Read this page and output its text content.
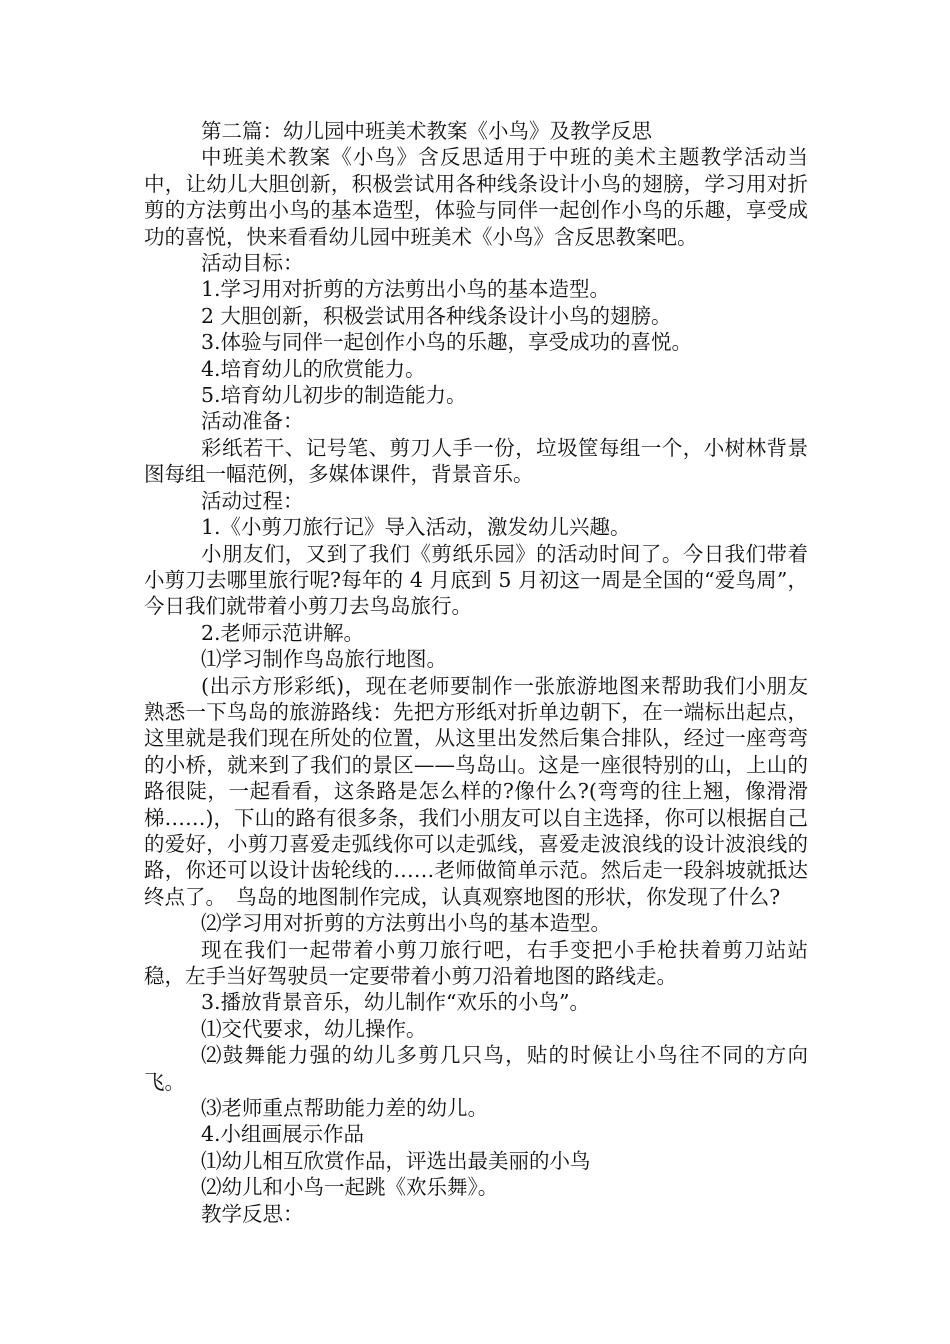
第二篇：幼儿园中班美术教案《小鸟》及教学反思

中班美术教案《小鸟》含反思适用于中班的美术主题教学活动当中，让幼儿大胆创新，积极尝试用各种线条设计小鸟的翅膀，学习用对折剪的方法剪出小鸟的基本造型，体验与同伴一起创作小鸟的乐趣，享受成功的喜悦，快来看看幼儿园中班美术《小鸟》含反思教案吧。

活动目标：

1.学习用对折剪的方法剪出小鸟的基本造型。

2 大胆创新，积极尝试用各种线条设计小鸟的翅膀。

3.体验与同伴一起创作小鸟的乐趣，享受成功的喜悦。

4.培育幼儿的欣赏能力。

5.培育幼儿初步的制造能力。

活动准备：

彩纸若干、记号笔、剪刀人手一份，垃圾筐每组一个，小树林背景图每组一幅范例，多媒体课件，背景音乐。

活动过程：

1.《小剪刀旅行记》导入活动，激发幼儿兴趣。

小朋友们，又到了我们《剪纸乐园》的活动时间了。今日我们带着小剪刀去哪里旅行呢?每年的 4 月底到 5 月初这一周是全国的“爱鸟周”，今日我们就带着小剪刀去鸟岛旅行。

2.老师示范讲解。

⑴学习制作鸟岛旅行地图。

(出示方形彩纸)，现在老师要制作一张旅游地图来帮助我们小朋友熟悉一下鸟岛的旅游路线：先把方形纸对折单边朝下，在一端标出起点，这里就是我们现在所处的位置，从这里出发然后集合排队，经过一座弯弯的小桥，就来到了我们的景区——鸟岛山。这是一座很特别的山，上山的路很陡，一起看看，这条路是怎么样的?像什么?(弯弯的往上翘，像滑滑梯……)，下山的路有很多条，我们小朋友可以自主选择，你可以根据自己的爱好，小剪刀喜爱走弧线你可以走弧线，喜爱走波浪线的设计波浪线的路，你还可以设计齿轮线的……老师做简单示范。然后走一段斜坡就抵达终点了。　鸟岛的地图制作完成，认真观察地图的形状，你发现了什么?

⑵学习用对折剪的方法剪出小鸟的基本造型。

现在我们一起带着小剪刀旅行吧，右手变把小手枪扶着剪刀站站稳，左手当好驾驶员一定要带着小剪刀沿着地图的路线走。

3.播放背景音乐，幼儿制作“欢乐的小鸟”。

⑴交代要求，幼儿操作。

⑵鼓舞能力强的幼儿多剪几只鸟，贴的时候让小鸟往不同的方向飞。

⑶老师重点帮助能力差的幼儿。

4.小组画展示作品

⑴幼儿相互欣赏作品，评选出最美丽的小鸟

⑵幼儿和小鸟一起跳《欢乐舞》。

教学反思：
